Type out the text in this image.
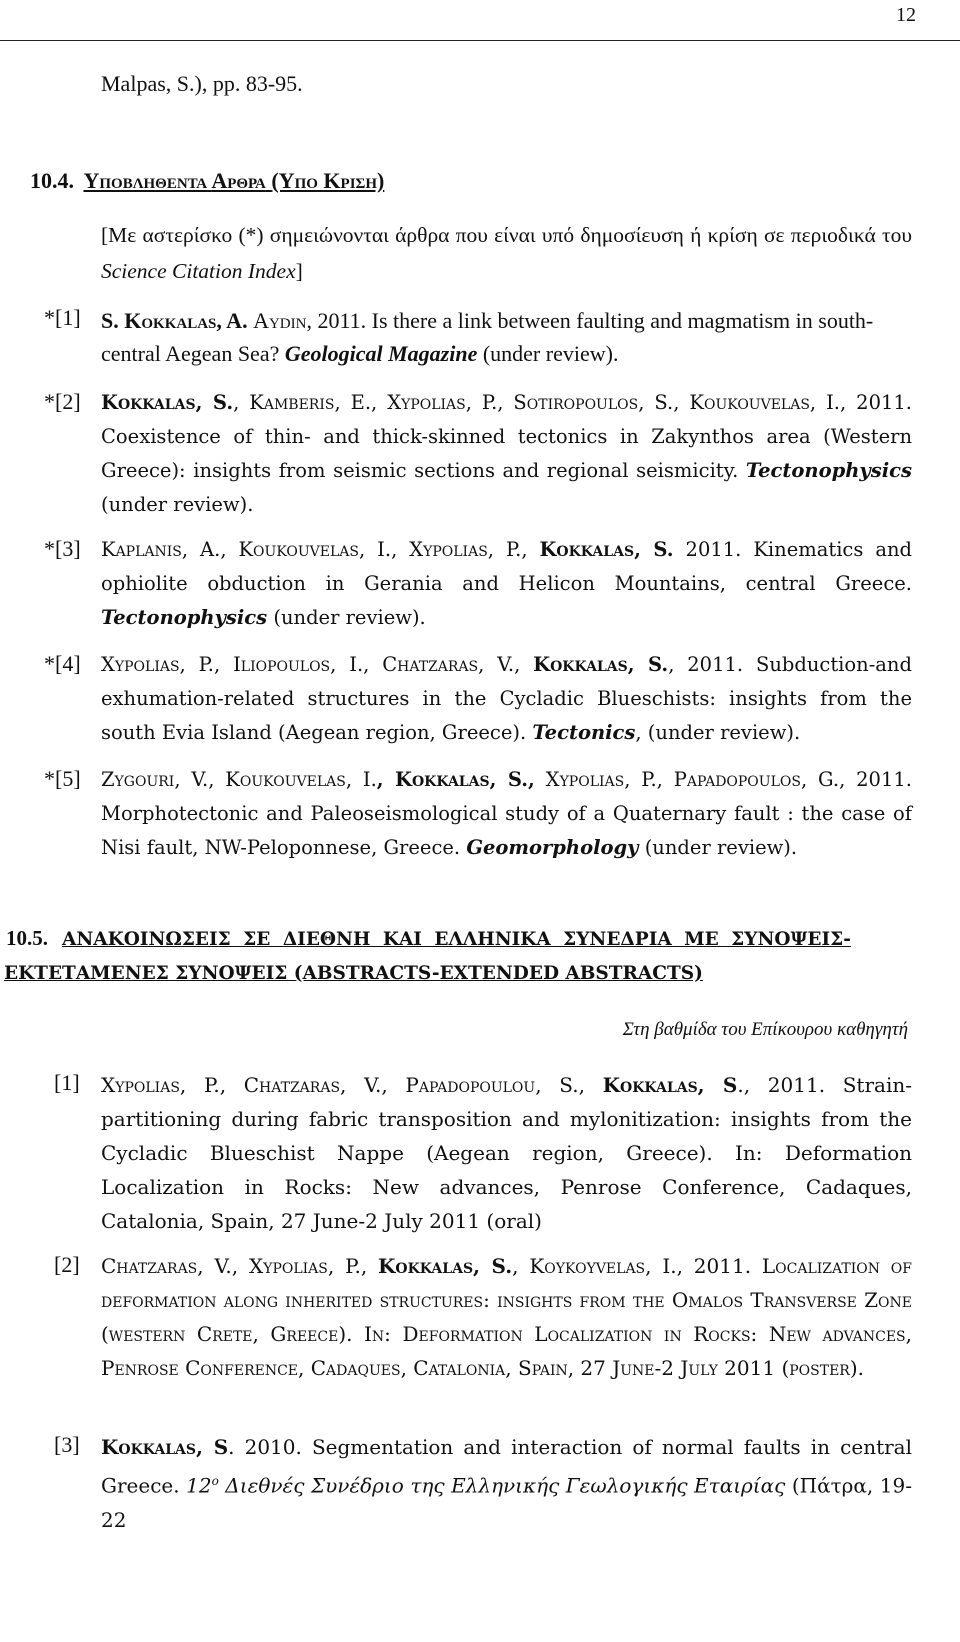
12
Malpas, S.), pp. 83-95.
10.4. Υποβληθεντα Αρθρα (Υπο Κριση)
[Με αστερίσκο (*) σημειώνονται άρθρα που είναι υπό δημοσίευση ή κρίση σε περιοδικά του Science Citation Index]
*[1] S. Kokkalas, A. Aydin, 2011. Is there a link between faulting and magmatism in south-central Aegean Sea? Geological Magazine (under review).
*[2] Kokkalas, S., Kamberis, E., Xypolias, P., Sotiropoulos, S., Koukouvelas, I., 2011. Coexistence of thin- and thick-skinned tectonics in Zakynthos area (Western Greece): insights from seismic sections and regional seismicity. Tectonophysics (under review).
*[3] Kaplanis, A., Koukouvelas, I., Xypolias, P., Kokkalas, S. 2011. Kinematics and ophiolite obduction in Gerania and Helicon Mountains, central Greece. Tectonophysics (under review).
*[4] Xypolias, P., Iliopoulos, I., Chatzaras, V., Kokkalas, S., 2011. Subduction-and exhumation-related structures in the Cycladic Blueschists: insights from the south Evia Island (Aegean region, Greece). Tectonics, (under review).
*[5] Zygouri, V., Koukouvelas, I., Kokkalas, S., Xypolias, P., Papadopoulos, G., 2011. Morphotectonic and Paleoseismological study of a Quaternary fault : the case of Nisi fault, NW-Peloponnese, Greece. Geomorphology (under review).
10.5. ΑΝΑΚΟΙΝΩΣΕΙΣ ΣΕ ΔΙΕΘΝΗ ΚΑΙ ΕΛΛΗΝΙΚΑ ΣΥΝΕΔΡΙΑ ΜΕ ΣΥΝΟΨΕΙΣ-
ΕΚΤΕΤΑΜΕΝΕΣ ΣΥΝΟΨΕΙΣ (ABSTRACTS-EXTENDED ABSTRACTS)
Στη βαθμίδα του Επίκουρου καθηγητή
[1] Xypolias, P., Chatzaras, V., Papadopoulou, S., Kokkalas, S., 2011. Strain-partitioning during fabric transposition and mylonitization: insights from the Cycladic Blueschist Nappe (Aegean region, Greece). In: Deformation Localization in Rocks: New advances, Penrose Conference, Cadaques, Catalonia, Spain, 27 June-2 July 2011 (oral)
[2] Chatzaras, V., Xypolias, P., Kokkalas, S., Koykoyvelas, I., 2011. Localization of deformation along inherited structures: insights from the Omalos Transverse Zone (western Crete, Greece). In: Deformation Localization in Rocks: New advances, Penrose Conference, Cadaques, Catalonia, Spain, 27 June-2 July 2011 (poster).
[3] Kokkalas, S. 2010. Segmentation and interaction of normal faults in central Greece. $12^o$ Διεθνές Συνέδριο της Ελληνικής Γεωλογικής Εταιρίας (Πάτρα, 19-22
